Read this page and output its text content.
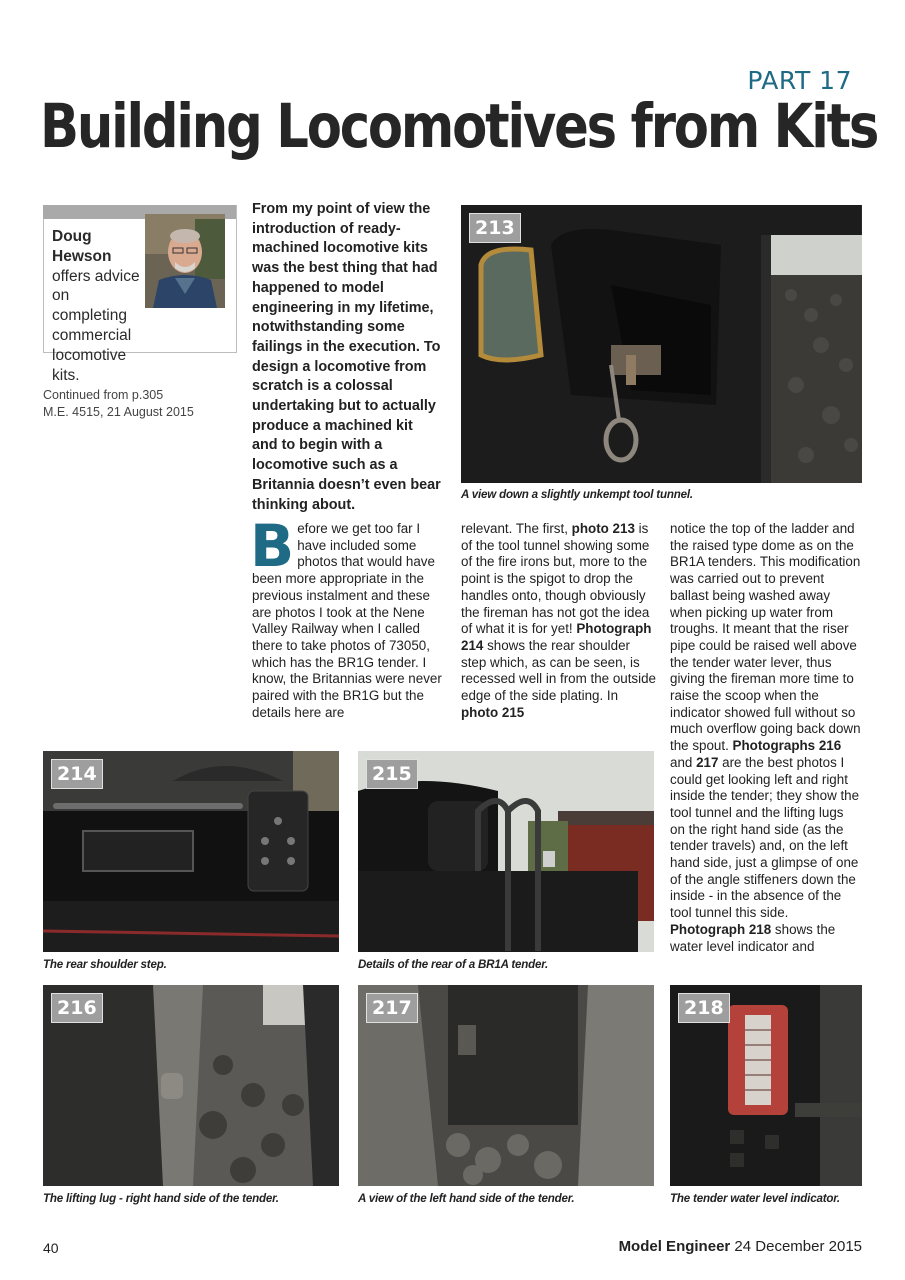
PART 17
Building Locomotives from Kits
Doug
Hewson
offers advice on completing commercial locomotive kits.
Continued from p.305
M.E. 4515, 21 August 2015
From my point of view the introduction of ready-machined locomotive kits was the best thing that had happened to model engineering in my lifetime, notwithstanding some failings in the execution. To design a locomotive from scratch is a colossal undertaking but to actually produce a machined kit and to begin with a locomotive such as a Britannia doesn’t even bear thinking about.
213
A view down a slightly unkempt tool tunnel.
Before we get too far I have included some photos that would have been more appropriate in the previous instalment and these are photos I took at the Nene Valley Railway when I called there to take photos of 73050, which has the BR1G tender. I know, the Britannias were never paired with the BR1G but the details here are
relevant. The first, photo 213 is of the tool tunnel showing some of the fire irons but, more to the point is the spigot to drop the handles onto, though obviously the fireman has not got the idea of what it is for yet! Photograph 214 shows the rear shoulder step which, as can be seen, is recessed well in from the outside edge of the side plating. In photo 215
notice the top of the ladder and the raised type dome as on the BR1A tenders. This modification was carried out to prevent ballast being washed away when picking up water from troughs. It meant that the riser pipe could be raised well above the tender water lever, thus giving the fireman more time to raise the scoop when the indicator showed full without so much overflow going back down the spout. Photographs 216 and 217 are the best photos I could get looking left and right inside the tender; they show the tool tunnel and the lifting lugs on the right hand side (as the tender travels) and, on the left hand side, just a glimpse of one of the angle stiffeners down the inside - in the absence of the tool tunnel this side. Photograph 218 shows the water level indicator and
214
The rear shoulder step.
215
Details of the rear of a BR1A tender.
216
The lifting lug - right hand side of the tender.
217
A view of the left hand side of the tender.
218
The tender water level indicator.
40	Model Engineer 24 December 2015
